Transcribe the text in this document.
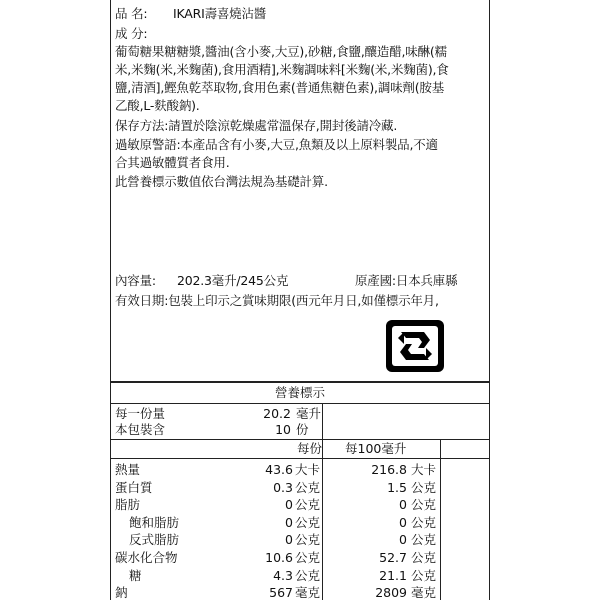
品 名: IKARI壽喜燒沾醬
成 分:
葡萄糖果糖糖漿,醬油(含小麥,大豆),砂糖,食鹽,釀造醋,味醂(糯
米,米麴(米,米麴菌),食用酒精],米麴調味料[米麴(米,米麴菌),食
鹽,清酒],鰹魚乾萃取物,食用色素(普通焦糖色素),調味劑(胺基
乙酸,L-麩酸鈉).
保存方法:請置於陰涼乾燥處常溫保存,開封後請冷藏.
過敏原警語:本產品含有小麥,大豆,魚類及以上原料製品,不適
合其過敏體質者食用.
此營養標示數值依台灣法規為基礎計算.
內容量: 202.3毫升/245公克	原產國:日本兵庫縣
有效日期:包裝上印示之賞味期限(西元年月日,如僅標示年月,
營養標示
每一份量	20.2 毫升
本包裝含	10 份
每份 每100毫升
熱量	43.6 大卡	216.8 大卡
蛋白質	0.3 公克	1.5 公克
脂肪	0 公克	0 公克
飽和脂肪	0 公克	0 公克
反式脂肪	0 公克	0 公克
碳水化合物	10.6 公克	52.7 公克
糖	4.3 公克	21.1 公克
鈉	567 毫克	2809 毫克
